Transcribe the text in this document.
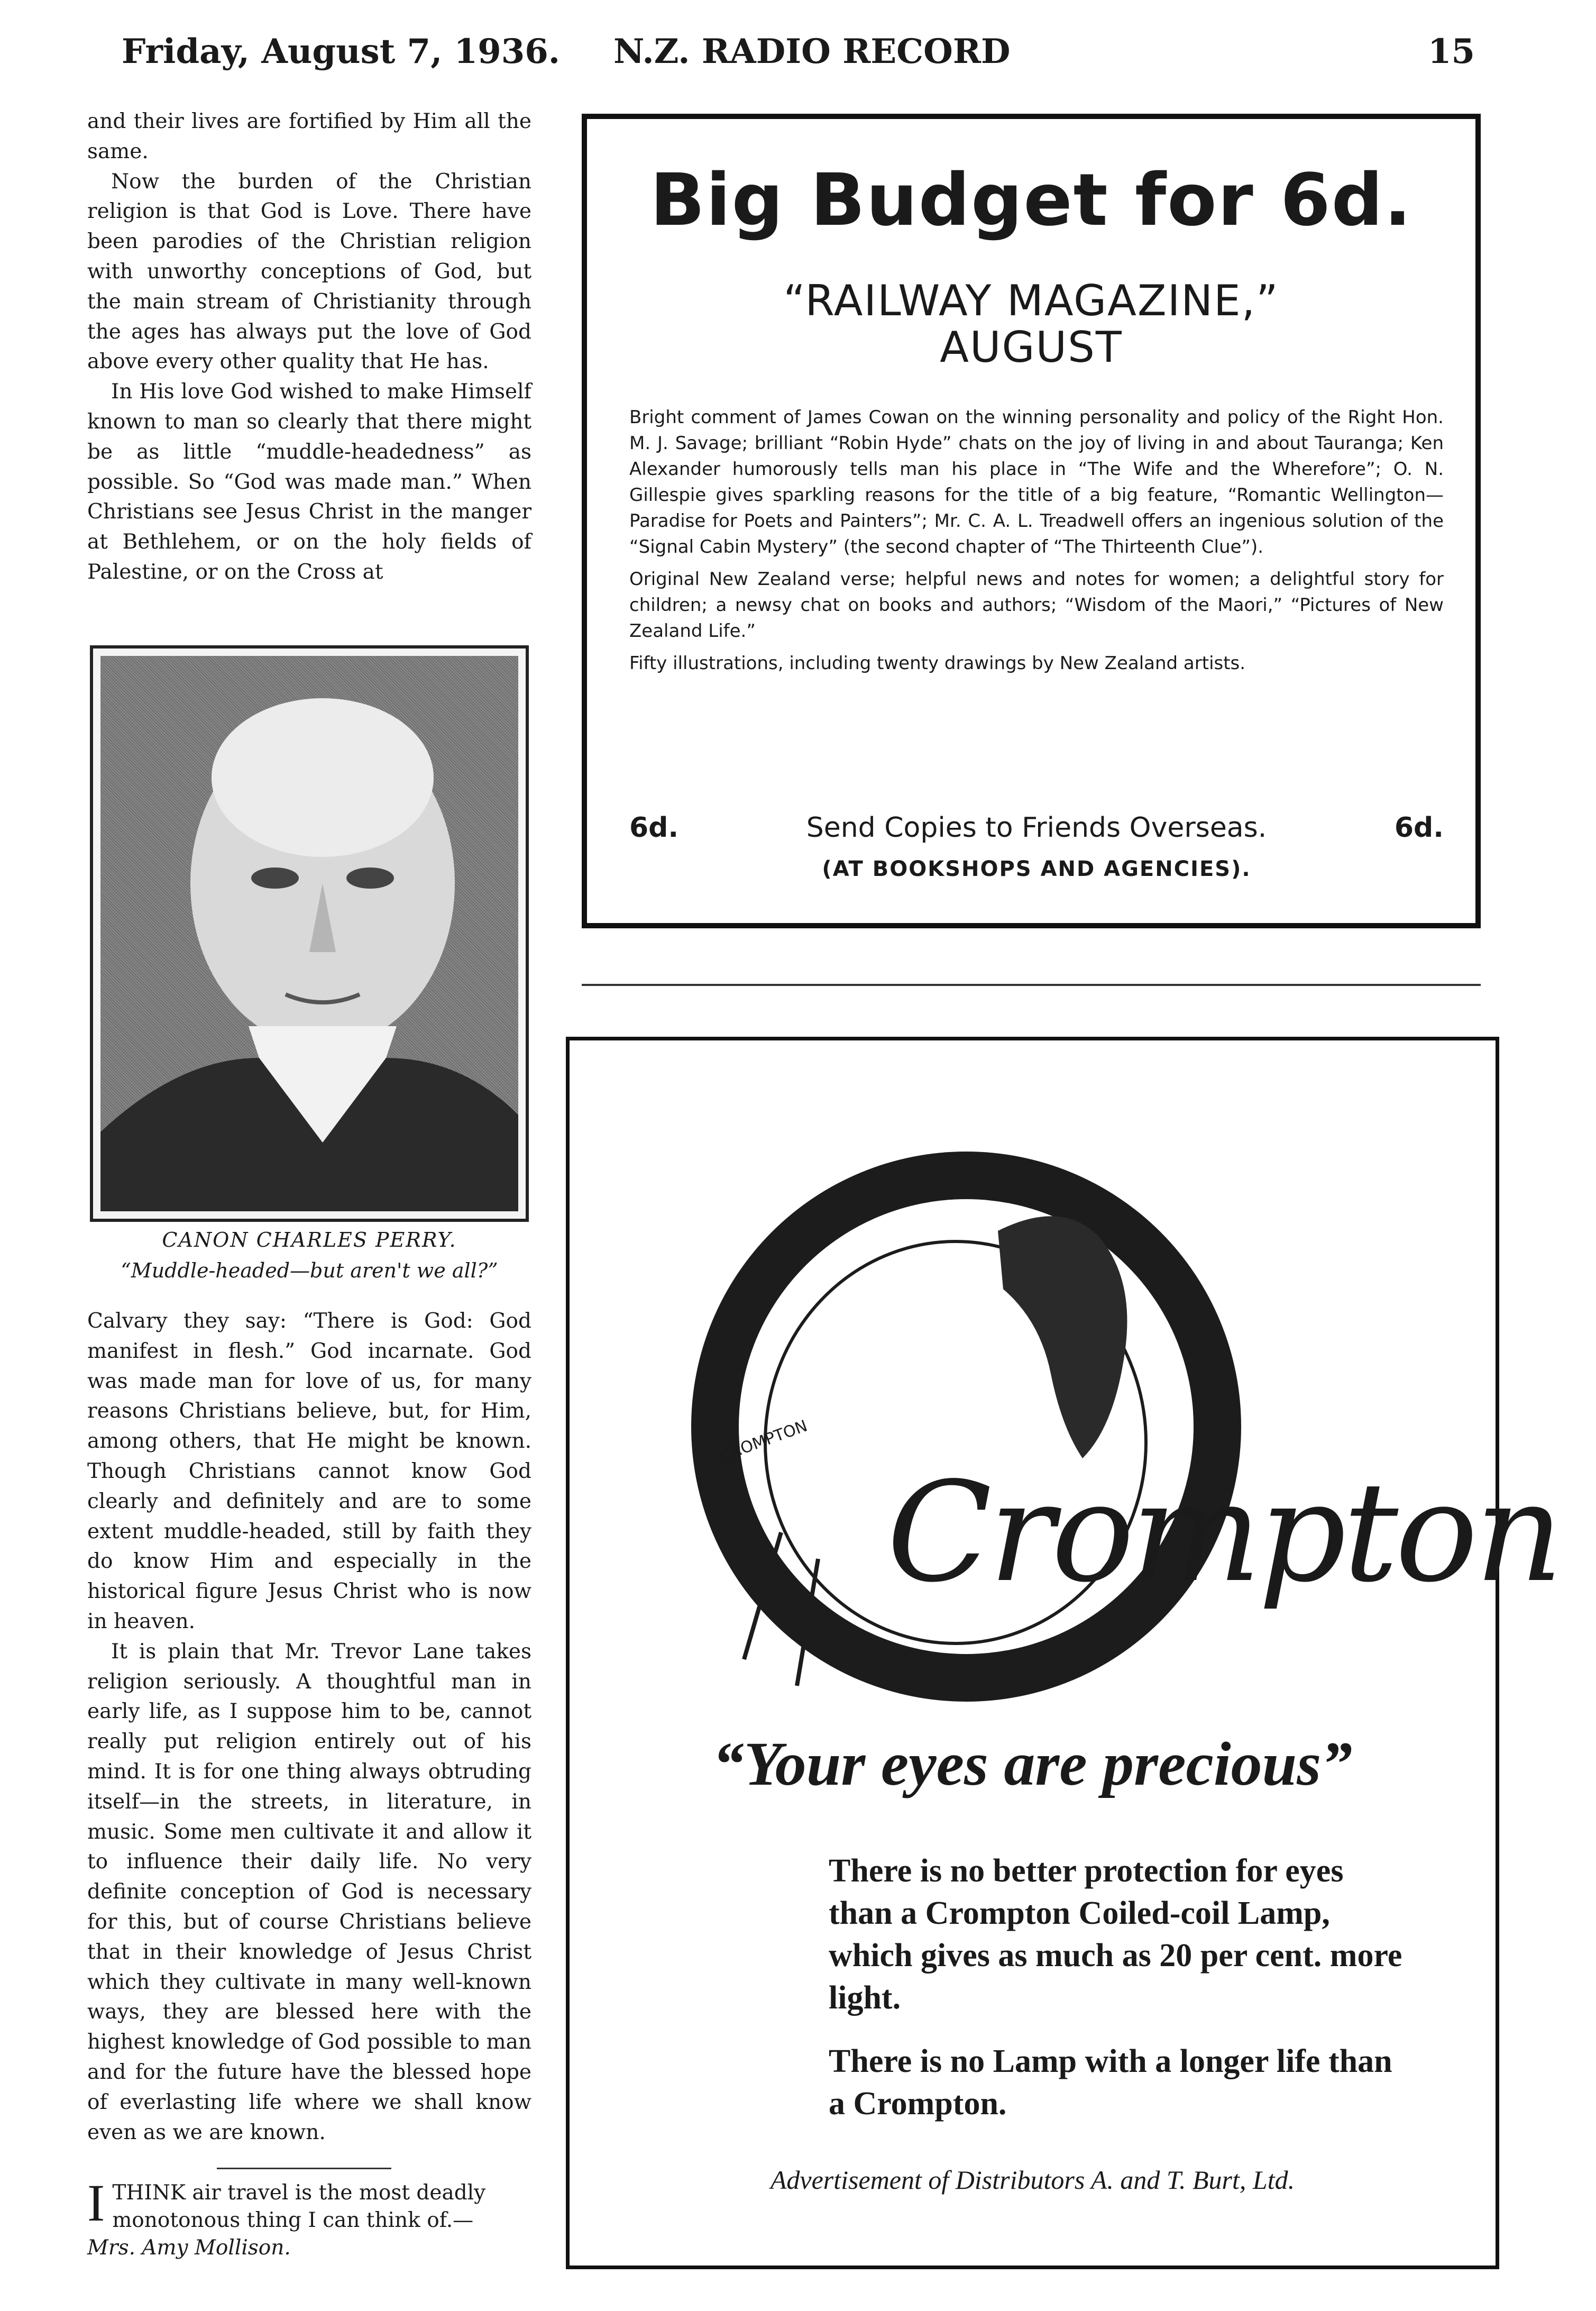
Friday, August 7, 1936. N.Z. RADIO RECORD	15

and their lives are fortified by Him all the same.

Now the burden of the Christian religion is that God is Love. There have been parodies of the Christian religion with unworthy conceptions of God, but the main stream of Christianity through the ages has always put the love of God above every other quality that He has.

In His love God wished to make Himself known to man so clearly that there might be as little “muddle-headedness” as possible. So “God was made man.” When Christians see Jesus Christ in the manger at Bethlehem, or on the holy fields of Palestine, or on the Cross at

CANON CHARLES PERRY.
“Muddle-headed—but aren't we all?”

Calvary they say: “There is God: God manifest in flesh.” God incarnate. God was made man for love of us, for many reasons Christians believe, but, for Him, among others, that He might be known. Though Christians cannot know God clearly and definitely and are to some extent muddle-headed, still by faith they do know Him and especially in the historical figure Jesus Christ who is now in heaven.

It is plain that Mr. Trevor Lane takes religion seriously. A thoughtful man in early life, as I suppose him to be, cannot really put religion entirely out of his mind. It is for one thing always obtruding itself—in the streets, in literature, in music. Some men cultivate it and allow it to influence their daily life. No very definite conception of God is necessary for this, but of course Christians believe that in their knowledge of Jesus Christ which they cultivate in many well-known ways, they are blessed here with the highest knowledge of God possible to man and for the future have the blessed hope of everlasting life where we shall know even as we are known.

I THINK air travel is the most deadly monotonous thing I can think of.—
Mrs. Amy Mollison.
Big Budget for 6d.
“RAILWAY MAGAZINE,”
AUGUST

Bright comment of James Cowan on the winning personality and policy of the Right Hon. M. J. Savage; brilliant “Robin Hyde” chats on the joy of living in and about Tauranga; Ken Alexander humorously tells man his place in “The Wife and the Wherefore”; O. N. Gillespie gives sparkling reasons for the title of a big feature, “Romantic Wellington—Paradise for Poets and Painters”; Mr. C. A. L. Treadwell offers an ingenious solution of the “Signal Cabin Mystery” (the second chapter of “The Thirteenth Clue”).

Original New Zealand verse; helpful news and notes for women; a delightful story for children; a newsy chat on books and authors; “Wisdom of the Maori,” “Pictures of New Zealand Life.”

Fifty illustrations, including twenty drawings by New Zealand artists.

6d.	Send Copies to Friends Overseas.	6d.
(AT BOOKSHOPS AND AGENCIES).
CROMPTON
Crompton
“Your eyes are precious”

There is no better protection for eyes than a Crompton Coiled-coil Lamp, which gives as much as 20 per cent. more light.

There is no Lamp with a longer life than a Crompton.

Advertisement of Distributors A. and T. Burt, Ltd.
